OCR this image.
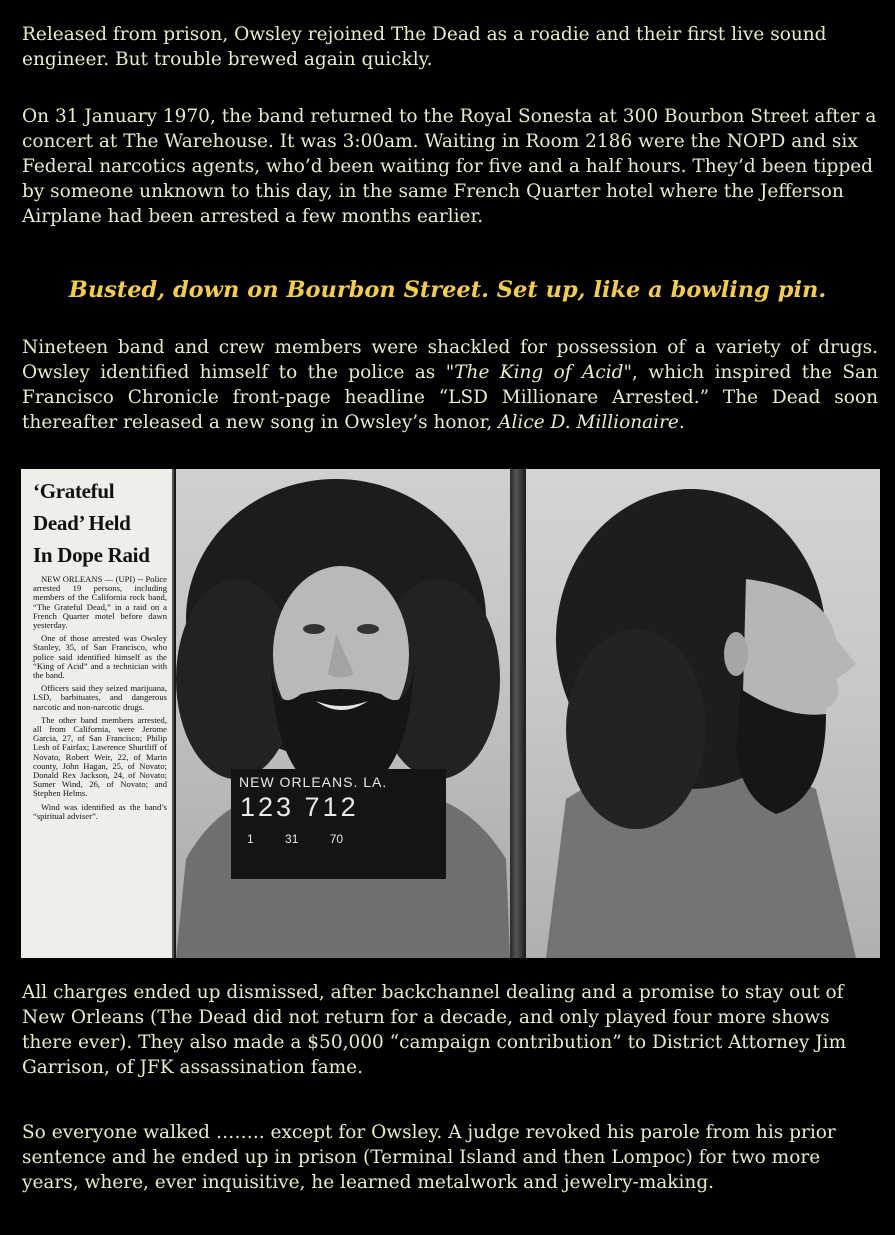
Released from prison, Owsley rejoined The Dead as a roadie and their first live sound engineer. But trouble brewed again quickly.

On 31 January 1970, the band returned to the Royal Sonesta at 300 Bourbon Street after a concert at The Warehouse. It was 3:00am. Waiting in Room 2186 were the NOPD and six Federal narcotics agents, who’d been waiting for five and a half hours. They’d been tipped by someone unknown to this day, in the same French Quarter hotel where the Jefferson Airplane had been arrested a few months earlier.

Busted, down on Bourbon Street. Set up, like a bowling pin.

Nineteen band and crew members were shackled for possession of a variety of drugs. Owsley identified himself to the police as "The King of Acid", which inspired the San Francisco Chronicle front-page headline “LSD Millionare Arrested.” The Dead soon thereafter released a new song in Owsley’s honor, Alice D. Millionaire.

‘Grateful
Dead’ Held
In Dope Raid

NEW ORLEANS — (UPI) -- Police arrested 19 persons, including members of the California rock band, “The Grateful Dead,” in a raid on a French Quarter motel before dawn yesterday.

One of those arrested was Owsley Stanley, 35, of San Francisco, who police said identified himself as the “King of Acid” and a technician with the band.

Officers said they seized marijuana, LSD, barbituates, and dangerous narcotic and non-narcotic drugs.

The other band members arrested, all from California, were Jerome Garcia, 27, of San Francisco; Philip Lesh of Fairfax; Lawrence Shurtliff of Novato, Robert Weir, 22, of Marin county, John Hagan, 25, of Novato; Donald Rex Jackson, 24, of Novato; Sumer Wind, 26, of Novato; and Stephen Helms.

Wind was identified as the band’s “spiritual adviser”.

NEW ORLEANS. LA.
123 712
1	31	70

All charges ended up dismissed, after backchannel dealing and a promise to stay out of New Orleans (The Dead did not return for a decade, and only played four more shows there ever). They also made a $50,000 “campaign contribution” to District Attorney Jim Garrison, of JFK assassination fame.

So everyone walked …….. except for Owsley. A judge revoked his parole from his prior sentence and he ended up in prison (Terminal Island and then Lompoc) for two more years, where, ever inquisitive, he learned metalwork and jewelry-making.
